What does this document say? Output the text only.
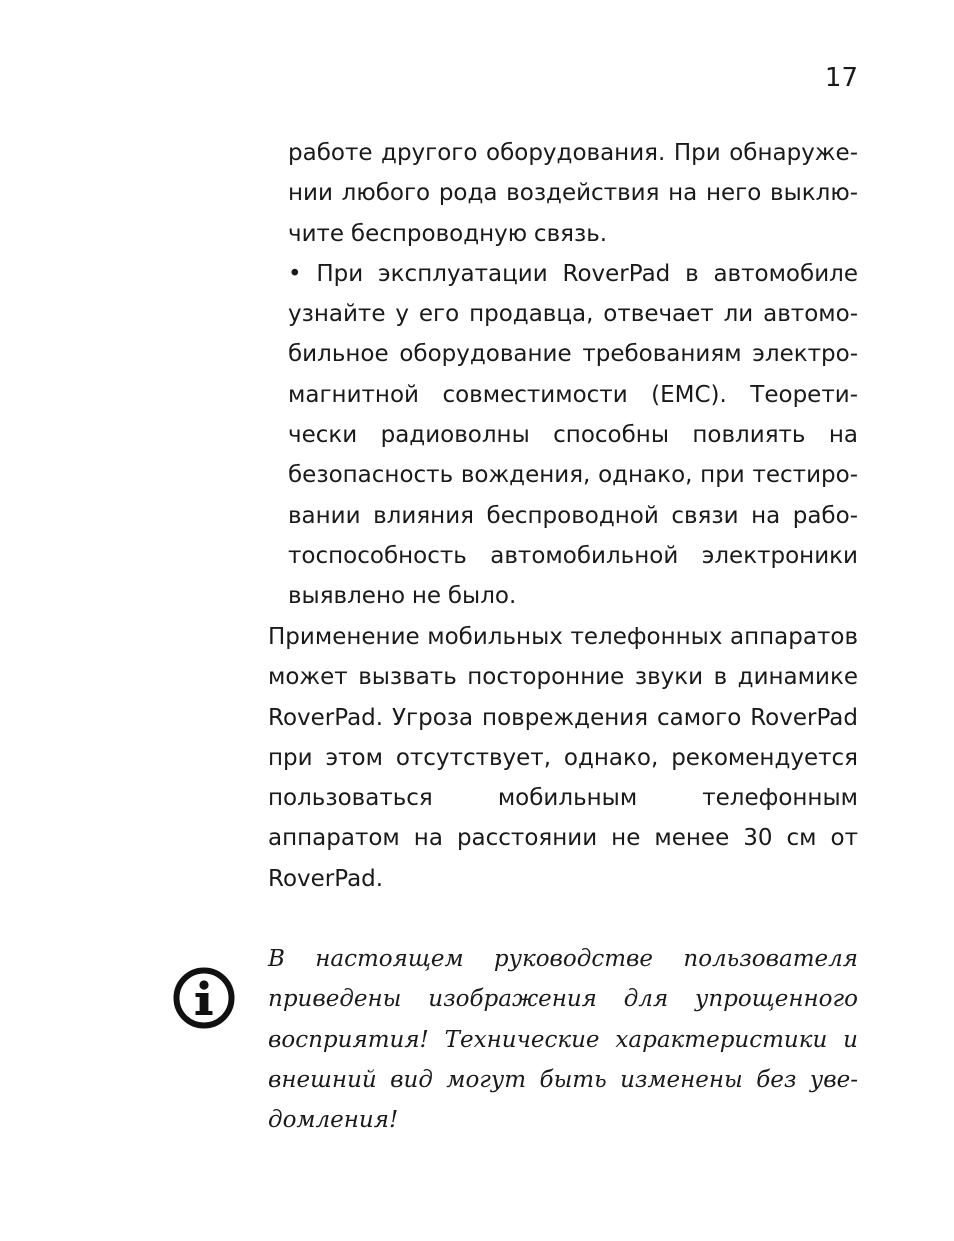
17

работе другого оборудования. При обнаружении любого рода воздействия на него выключите беспроводную связь.

• При эксплуатации RoverPad в автомобиле узнайте у его продавца, отвечает ли автомобильное оборудование требованиям электромагнитной совместимости (EMC). Теоретически радиоволны способны повлиять на безопасность вождения, однако, при тестировании влияния беспроводной связи на работоспособность автомобильной электроники выявлено не было.

Применение мобильных телефонных аппаратов может вызвать посторонние звуки в динамике RoverPad. Угроза повреждения самого RoverPad при этом отсутствует, однако, рекомендуется пользоваться мобильным телефонным аппаратом на расстоянии не менее 30 см от RoverPad.

В настоящем руководстве пользователя приведены изображения для упрощенного восприятия! Технические характеристики и внешний вид могут быть изменены без уведомления!
